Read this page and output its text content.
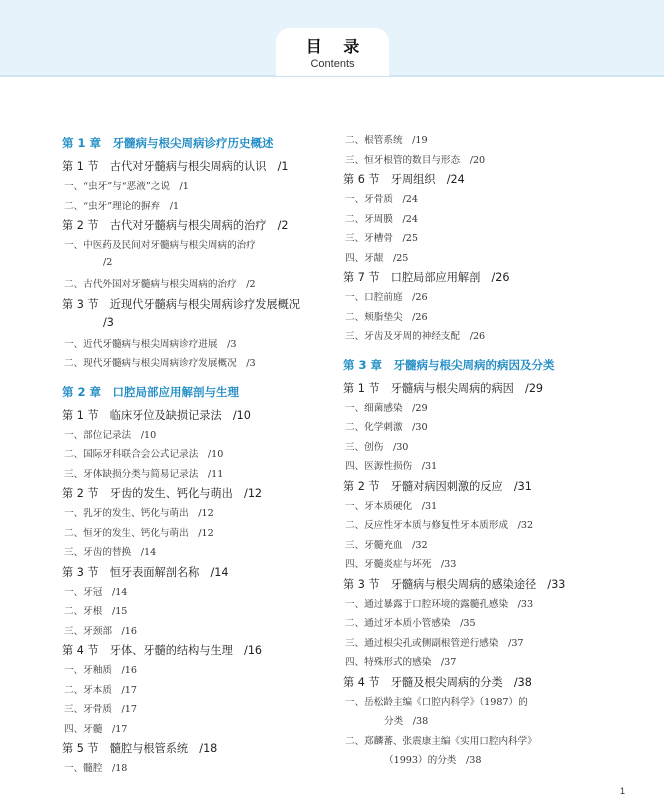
目 录
Contents
第 1 章　牙髓病与根尖周病诊疗历史概述
第 1 节　古代对牙髓病与根尖周病的认识　/1
一、“虫牙”与“恶液”之说　/1
二、“虫牙”理论的摒弃　/1
第 2 节　古代对牙髓病与根尖周病的治疗　/2
一、中医药及民间对牙髓病与根尖周病的治疗
/2
二、古代外国对牙髓病与根尖周病的治疗　/2
第 3 节　近现代牙髓病与根尖周病诊疗发展概况
/3
一、近代牙髓病与根尖周病诊疗进展　/3
二、现代牙髓病与根尖周病诊疗发展概况　/3
第 2 章　口腔局部应用解剖与生理
第 1 节　临床牙位及缺损记录法　/10
一、部位记录法　/10
二、国际牙科联合会公式记录法　/10
三、牙体缺损分类与简易记录法　/11
第 2 节　牙齿的发生、钙化与萌出　/12
一、乳牙的发生、钙化与萌出　/12
二、恒牙的发生、钙化与萌出　/12
三、牙齿的替换　/14
第 3 节　恒牙表面解剖名称　/14
一、牙冠　/14
二、牙根　/15
三、牙颈部　/16
第 4 节　牙体、牙髓的结构与生理　/16
一、牙釉质　/16
二、牙本质　/17
三、牙骨质　/17
四、牙髓　/17
第 5 节　髓腔与根管系统　/18
一、髓腔　/18
二、根管系统　/19
三、恒牙根管的数目与形态　/20
第 6 节　牙周组织　/24
一、牙骨质　/24
二、牙周膜　/24
三、牙槽骨　/25
四、牙龈　/25
第 7 节　口腔局部应用解剖　/26
一、口腔前庭　/26
二、颊脂垫尖　/26
三、牙齿及牙周的神经支配　/26
第 3 章　牙髓病与根尖周病的病因及分类
第 1 节　牙髓病与根尖周病的病因　/29
一、细菌感染　/29
二、化学刺激　/30
三、创伤　/30
四、医源性损伤　/31
第 2 节　牙髓对病因刺激的反应　/31
一、牙本质硬化　/31
二、反应性牙本质与修复性牙本质形成　/32
三、牙髓充血　/32
四、牙髓炎症与坏死　/33
第 3 节　牙髓病与根尖周病的感染途径　/33
一、通过暴露于口腔环境的露髓孔感染　/33
二、通过牙本质小管感染　/35
三、通过根尖孔或侧副根管逆行感染　/37
四、特殊形式的感染　/37
第 4 节　牙髓及根尖周病的分类　/38
一、岳松龄主编《口腔内科学》（1987）的
分类　/38
二、郑麟蕃、张震康主编《实用口腔内科学》
（1993）的分类　/38
1
